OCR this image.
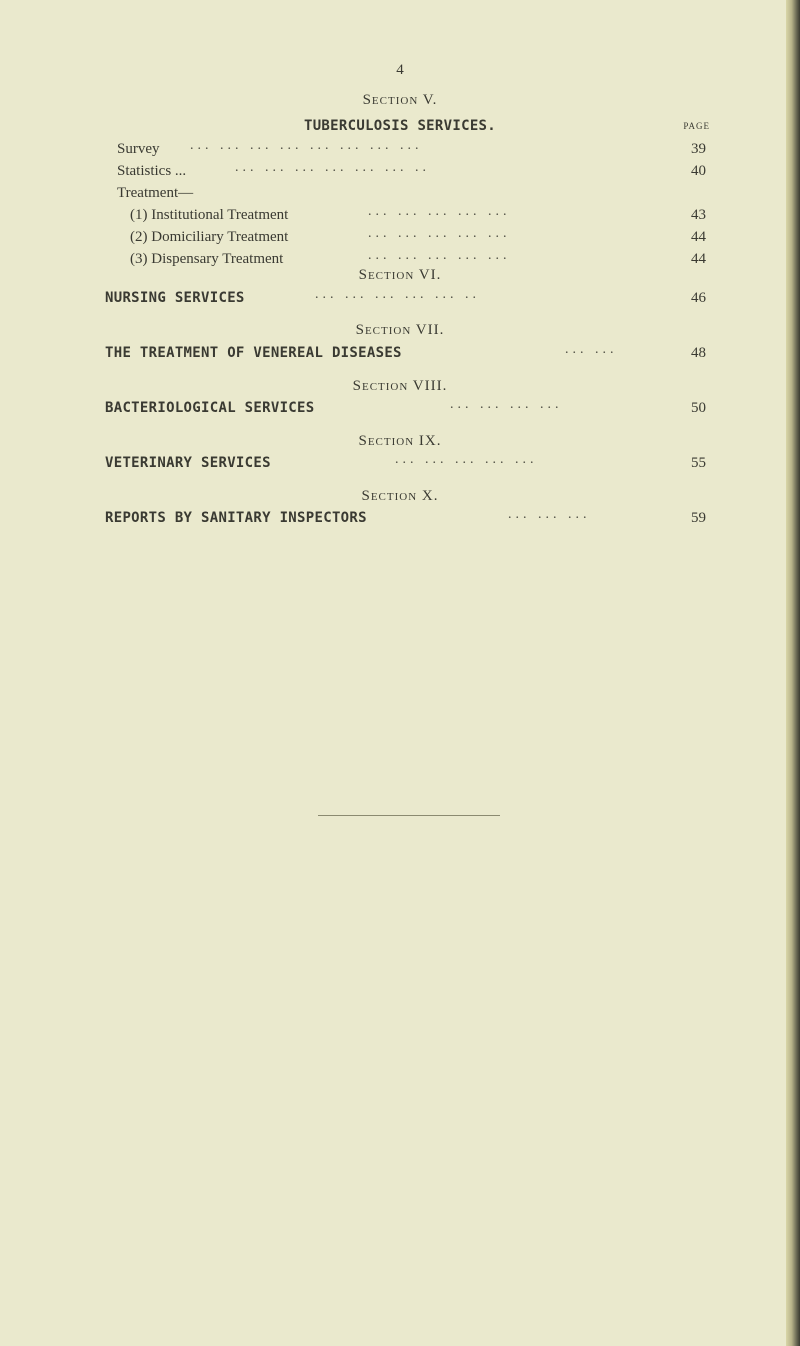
4
Section V.
TUBERCULOSIS SERVICES.	PAGE
Survey ... ... ... ... ... ... ... ...	39
Statistics ...	... ... ... ... ... ... ..	40
Treatment—
(1) Institutional Treatment	... ... ... ... ...	43
(2) Domiciliary Treatment	... ... ... ... ...	44
(3) Dispensary Treatment	... ... ... ... ...	44
Section VI.
NURSING SERVICES	... ... ... ... ... ..	46
Section VII.
THE TREATMENT OF VENEREAL DISEASES	... ...	48
Section VIII.
BACTERIOLOGICAL SERVICES	... ... ... ...	50
Section IX.
VETERINARY SERVICES	... ... ... ... ...	55
Section X.
REPORTS BY SANITARY INSPECTORS	... ... ...	59
